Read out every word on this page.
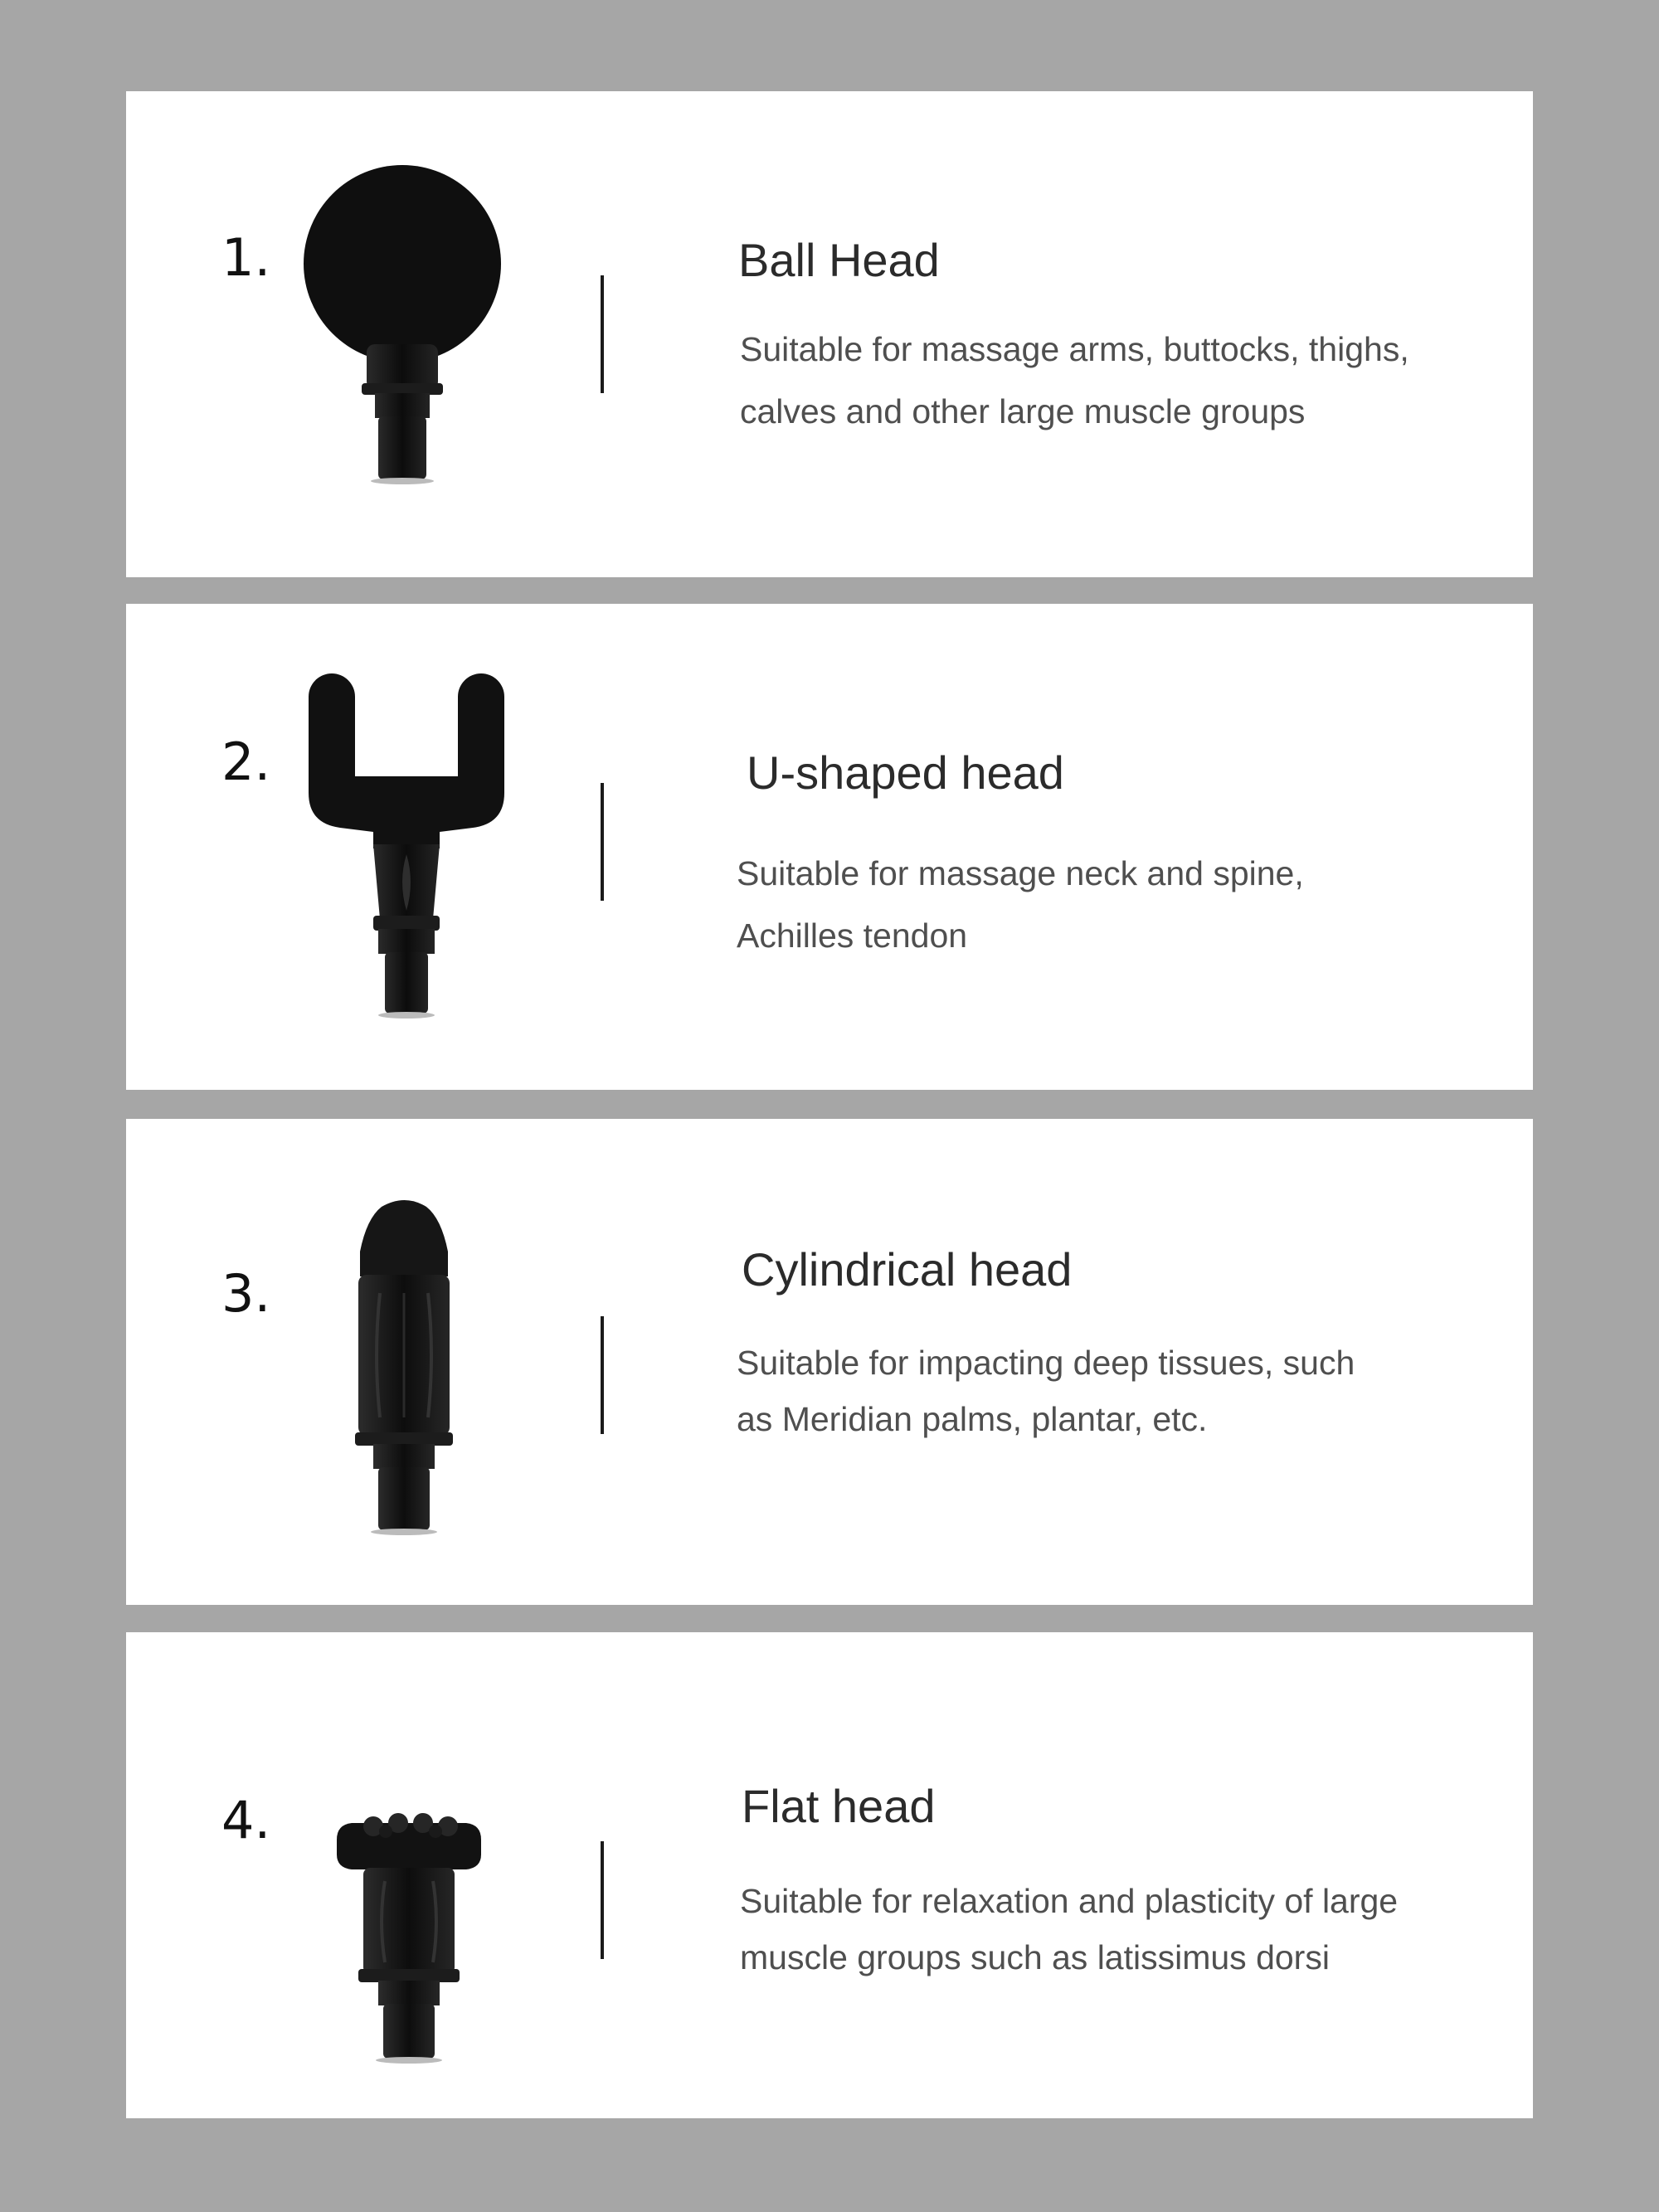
1.	Ball Head
Suitable for massage arms, buttocks, thighs,
calves and other large muscle groups
2.	U-shaped head
Suitable for massage neck and spine,
Achilles tendon
3.	Cylindrical head
Suitable for impacting deep tissues, such
as Meridian palms, plantar, etc.
4.	Flat head
Suitable for relaxation and plasticity of large
muscle groups such as latissimus dorsi
